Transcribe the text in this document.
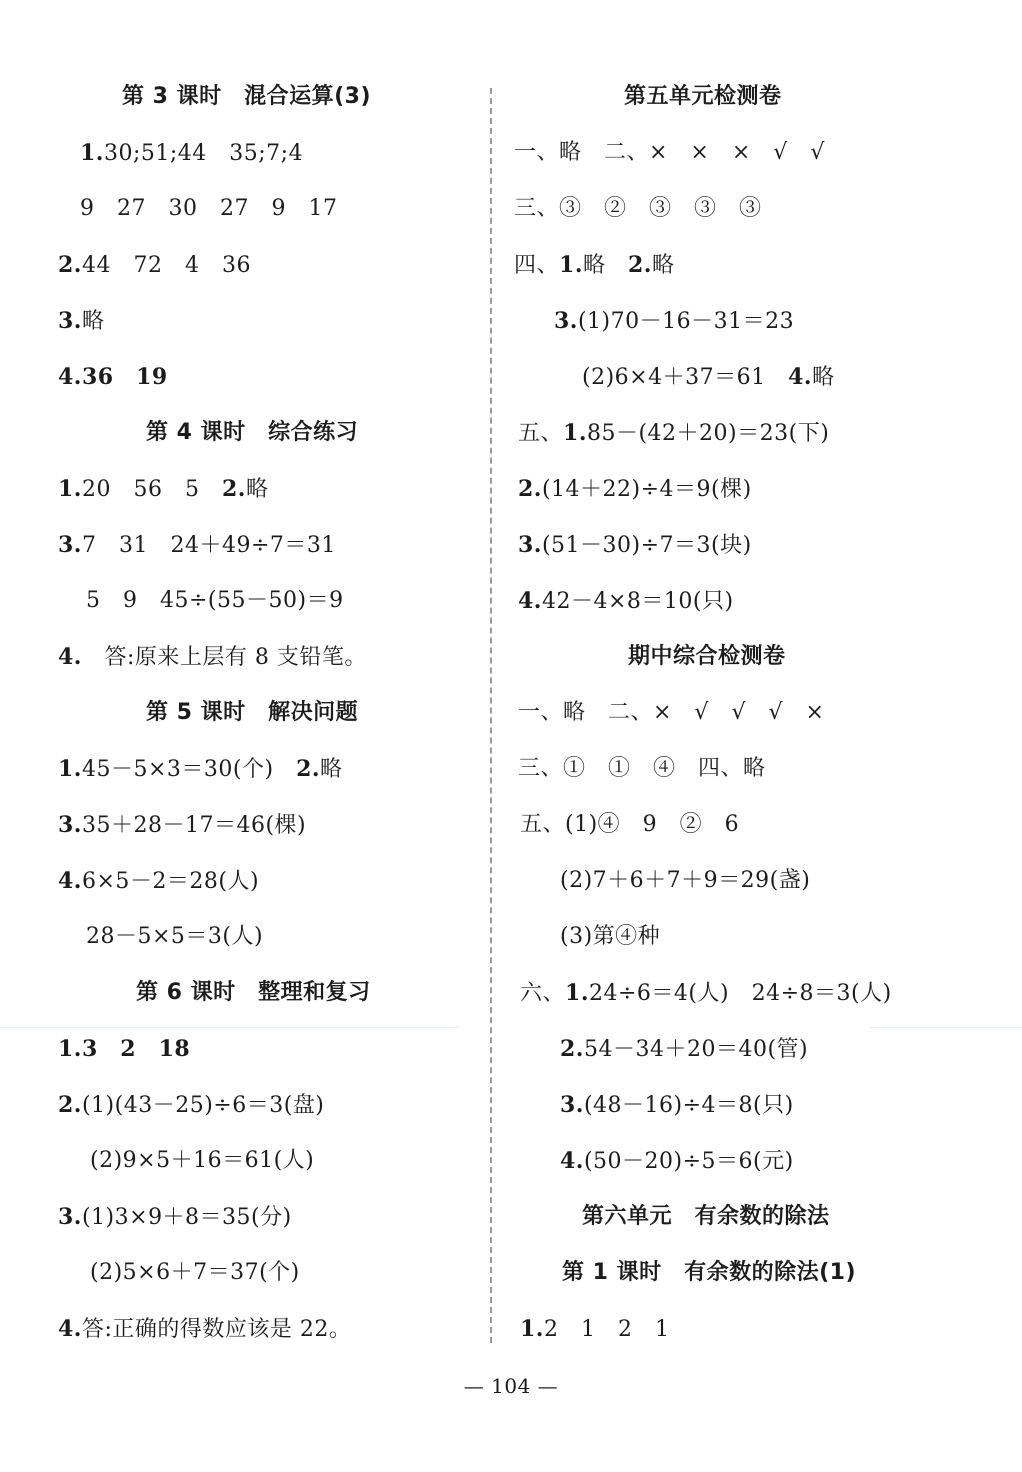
第 3 课时　混合运算(3)
1.30;51;44　35;7;4
9　27　30　27　9　17
2.44　72　4　36
3.略
4.36　19
第 4 课时　综合练习
1.20　56　5　2.略
3.7　31　24＋49÷7＝31
5　9　45÷(55－50)＝9
4.　答:原来上层有 8 支铅笔。
第 5 课时　解决问题
1.45－5×3＝30(个)　2.略
3.35＋28－17＝46(棵)
4.6×5－2＝28(人)
28－5×5＝3(人)
第 6 课时　整理和复习
1.3　2　18
2.(1)(43－25)÷6＝3(盘)
(2)9×5＋16＝61(人)
3.(1)3×9＋8＝35(分)
(2)5×6＋7＝37(个)
4.答:正确的得数应该是 22。
第五单元检测卷
一、略　二、×　×　×　√　√
三、③　②　③　③　③
四、1.略　2.略
3.(1)70－16－31＝23
(2)6×4＋37＝61　4.略
五、1.85－(42＋20)＝23(下)
2.(14＋22)÷4＝9(棵)
3.(51－30)÷7＝3(块)
4.42－4×8＝10(只)
期中综合检测卷
一、略　二、×　√　√　√　×
三、①　①　④　四、略
五、(1)④　9　②　6
(2)7＋6＋7＋9＝29(盏)
(3)第④种
六、1.24÷6＝4(人)　24÷8＝3(人)
2.54－34＋20＝40(管)
3.(48－16)÷4＝8(只)
4.(50－20)÷5＝6(元)
第六单元　有余数的除法
第 1 课时　有余数的除法(1)
1.2　1　2　1
— 104 —
